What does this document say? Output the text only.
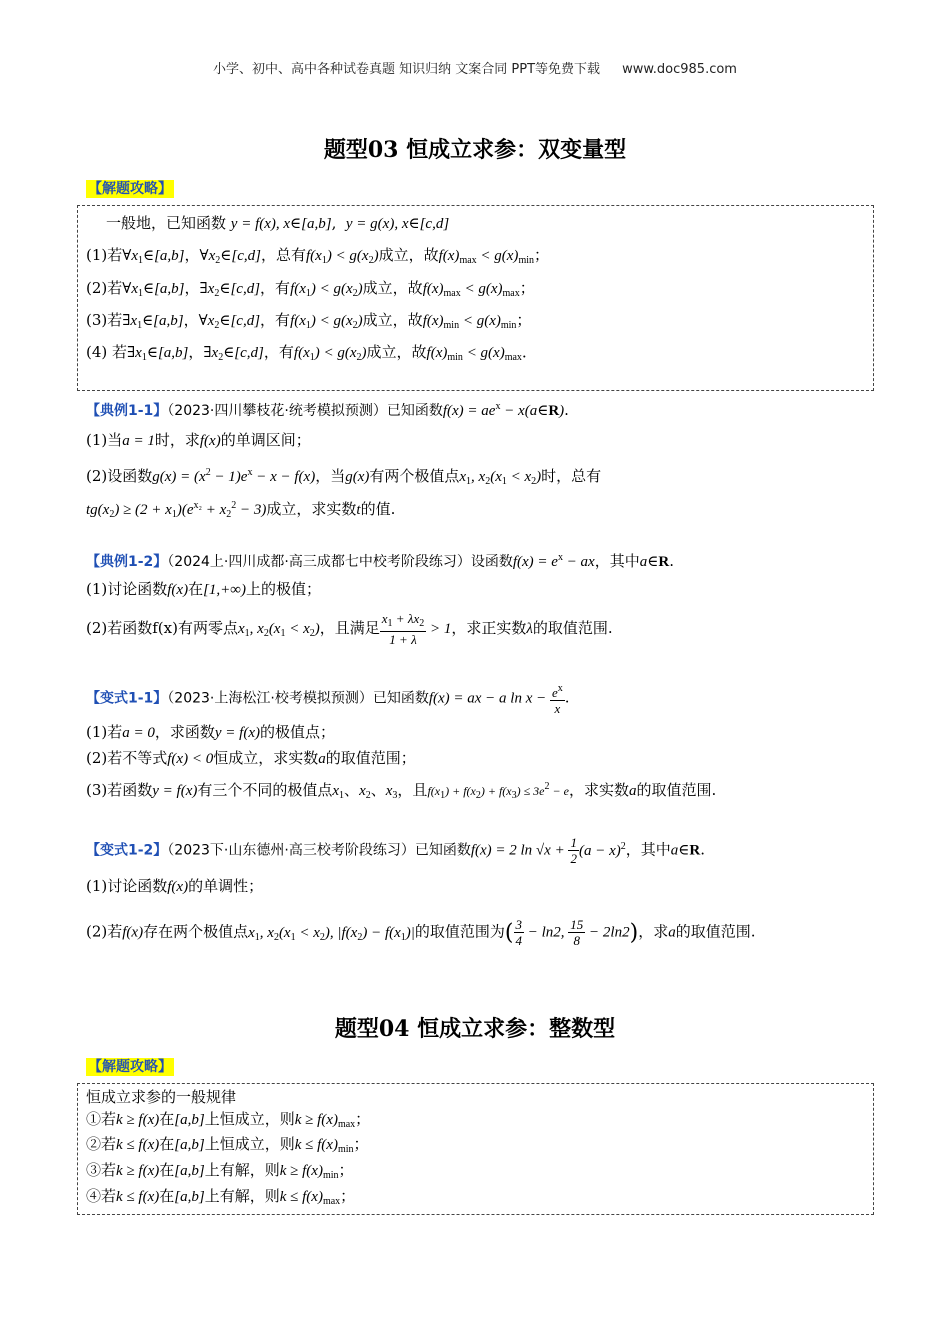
小学、初中、高中各种试卷真题 知识归纳 文案合同 PPT等免费下载 www.doc985.com
题型03 恒成立求参：双变量型
【解题攻略】
一般地，已知函数 y = f(x), x∈[a,b],  y = g(x), x∈[c,d]
(1)若$\forall x_1\in[a,b]$，$\forall x_2\in[c,d]$，总有$f(x_1) < g(x_2)$成立，故$f(x)_{max} < g(x)_{min}$；
(2)若$\forall x_1\in[a,b]$，$\exists x_2\in[c,d]$，有$f(x_1) < g(x_2)$成立，故$f(x)_{max} < g(x)_{max}$；
(3)若$\exists x_1\in[a,b]$，$\forall x_2\in[c,d]$，有$f(x_1) < g(x_2)$成立，故$f(x)_{min} < g(x)_{min}$；
(4) 若$\exists x_1\in[a,b]$，$\exists x_2\in[c,d]$，有$f(x_1) < g(x_2)$成立，故$f(x)_{min} < g(x)_{max}$．
【典例1-1】（2023·四川攀枝花·统考模拟预测）已知函数$f(x) = ae^x$ − x(a∈R).
(1)当a = 1时，求f(x)的单调区间；
(2)设函数$g(x) = (x^2 - 1)e^x - x - f(x)$，当g(x)有两个极值点$x_1$, $x_2(x_1 < x_2)$时，总有
$tg(x_2) \ge (2 + x_1)(e^{x_2} + x_2^2 - 3)$成立，求实数t的值.
【典例1-2】（2024上·四川成都·高三成都七中校考阶段练习）设函数$f(x) = e^x$ − ax，其中a∈R.
(1)讨论函数f(x)在[1,+∞)上的极值；
(2)若函数f(x)有两零点$x_1$, $x_2(x_1 < x_2)$，且满足 $\frac{x_1 + \lambda x_2}{1 + \lambda} > 1$，求正实数λ的取值范围.
【变式1-1】（2023·上海松江·校考模拟预测）已知函数f(x) = ax − a $\ln x - \frac{e^x}{x}$ .
(1)若a = 0，求函数y = f(x)的极值点；
(2)若不等式f(x) < 0恒成立，求实数a的取值范围；
(3)若函数y = f(x)有三个不同的极值点$x_1$、$x_2$、$x_3$，且$f(x_1) + f(x_2) + f(x_3) \le 3e^2 - e$，求实数a的取值范围.
【变式1-2】（2023下·山东德州·高三校考阶段练习）已知函数f(x) = 2 $\ln √x + \frac{1}{2} (a - x)^2$，其中a∈R.
(1)讨论函数f(x)的单调性；
(2)若f(x)存在两个极值点$x_1$, $x_2(x_1 < x_2)$, $|f(x_2) - f(x_1)|$的取值范围为( $\frac{3}{4} - \ln 2$, $\frac{15}{8} - 2\ln 2$)，求a的取值范围.
题型04 恒成立求参：整数型
【解题攻略】
恒成立求参的一般规律
①若k ≥ f(x)在[a,b]上恒成立，则$k \ge f(x)_{max}$；
②若k ≤ f(x)在[a,b]上恒成立，则$k \le f(x)_{min}$；
③若k ≥ f(x)在[a,b]上有解，则$k \ge f(x)_{min}$；
④若k ≤ f(x)在[a,b]上有解，则$k \le f(x)_{max}$；
